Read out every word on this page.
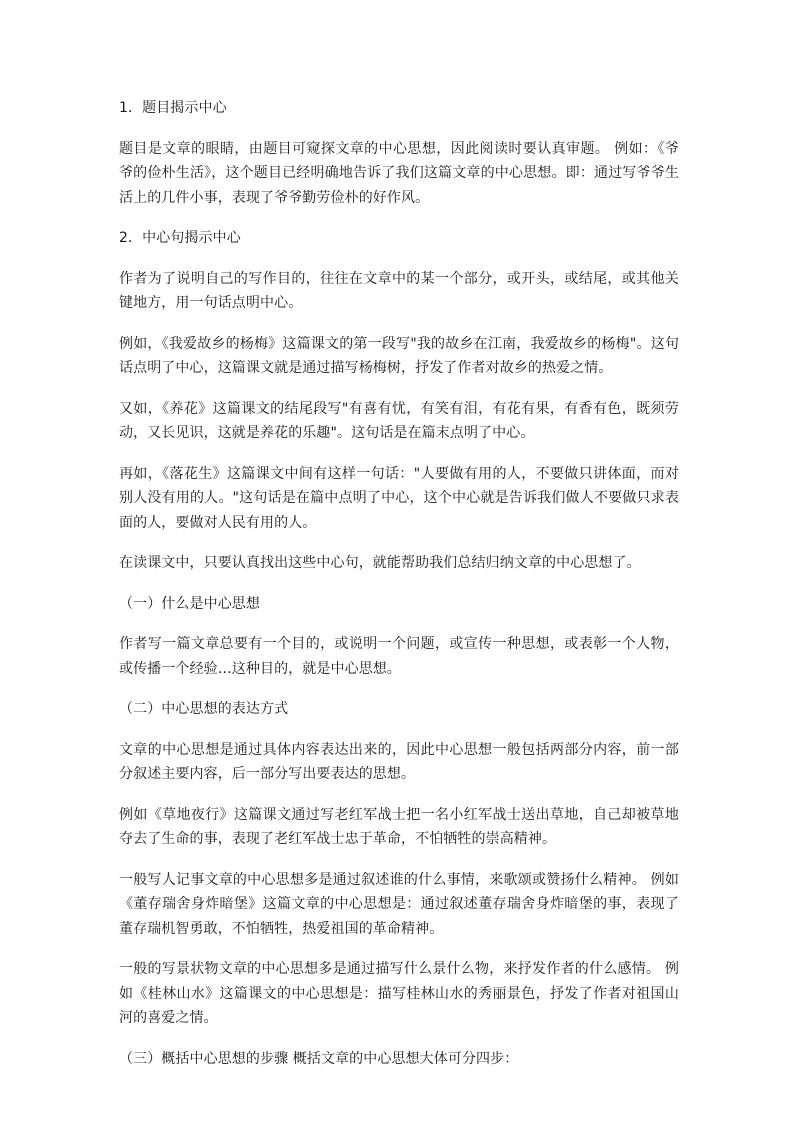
1．题目揭示中心

题目是文章的眼睛，由题目可窥探文章的中心思想，因此阅读时要认真审题。 例如：《爷爷的俭朴生活》，这个题目已经明确地告诉了我们这篇文章的中心思想。即：通过写爷爷生活上的几件小事，表现了爷爷勤劳俭朴的好作风。

2．中心句揭示中心

作者为了说明自己的写作目的，往往在文章中的某一个部分，或开头，或结尾，或其他关键地方，用一句话点明中心。

例如，《我爱故乡的杨梅》这篇课文的第一段写"我的故乡在江南，我爱故乡的杨梅"。这句话点明了中心，这篇课文就是通过描写杨梅树，抒发了作者对故乡的热爱之情。

又如，《养花》这篇课文的结尾段写"有喜有忧，有笑有泪，有花有果，有香有色，既须劳动，又长见识，这就是养花的乐趣"。这句话是在篇末点明了中心。

再如，《落花生》这篇课文中间有这样一句话："人要做有用的人，不要做只讲体面，而对别人没有用的人。"这句话是在篇中点明了中心，这个中心就是告诉我们做人不要做只求表面的人，要做对人民有用的人。

在读课文中，只要认真找出这些中心句，就能帮助我们总结归纳文章的中心思想了。

（一）什么是中心思想

作者写一篇文章总要有一个目的，或说明一个问题，或宣传一种思想，或表彰一个人物，或传播一个经验…这种目的，就是中心思想。

（二）中心思想的表达方式

文章的中心思想是通过具体内容表达出来的，因此中心思想一般包括两部分内容，前一部分叙述主要内容，后一部分写出要表达的思想。

例如《草地夜行》这篇课文通过写老红军战士把一名小红军战士送出草地，自己却被草地夺去了生命的事，表现了老红军战士忠于革命，不怕牺牲的崇高精神。

一般写人记事文章的中心思想多是通过叙述谁的什么事情，来歌颂或赞扬什么精神。 例如《董存瑞舍身炸暗堡》这篇文章的中心思想是：通过叙述董存瑞舍身炸暗堡的事，表现了董存瑞机智勇敢，不怕牺牲，热爱祖国的革命精神。

一般的写景状物文章的中心思想多是通过描写什么景什么物，来抒发作者的什么感情。 例如《桂林山水》这篇课文的中心思想是：描写桂林山水的秀丽景色，抒发了作者对祖国山河的喜爱之情。

（三）概括中心思想的步骤 概括文章的中心思想大体可分四步：
